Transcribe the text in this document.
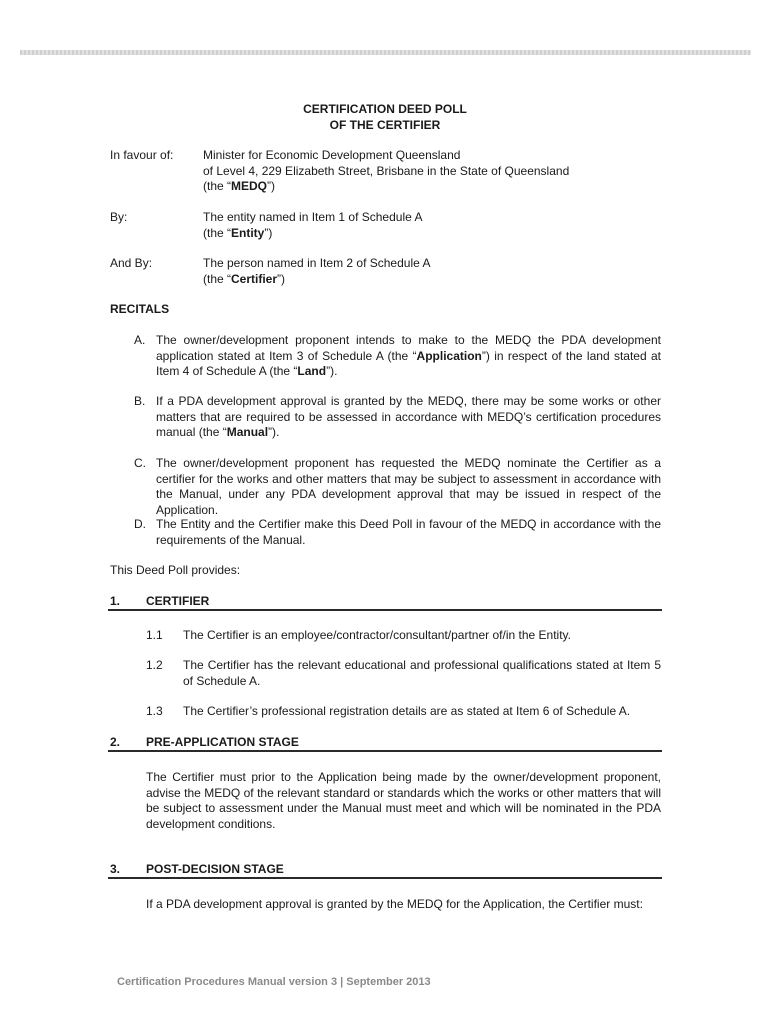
CERTIFICATION DEED POLL
OF THE CERTIFIER
In favour of: Minister for Economic Development Queensland
of Level 4, 229 Elizabeth Street, Brisbane in the State of Queensland
(the “MEDQ”)
By:	The entity named in Item 1 of Schedule A
(the “Entity”)
And By:	The person named in Item 2 of Schedule A
(the “Certifier”)
RECITALS
A. The owner/development proponent intends to make to the MEDQ the PDA development application stated at Item 3 of Schedule A (the “Application”) in respect of the land stated at Item 4 of Schedule A (the “Land”).
B. If a PDA development approval is granted by the MEDQ, there may be some works or other matters that are required to be assessed in accordance with MEDQ’s certification procedures manual (the “Manual”).
C. The owner/development proponent has requested the MEDQ nominate the Certifier as a certifier for the works and other matters that may be subject to assessment in accordance with the Manual, under any PDA development approval that may be issued in respect of the Application.
D. The Entity and the Certifier make this Deed Poll in favour of the MEDQ in accordance with the requirements of the Manual.
This Deed Poll provides:
1. CERTIFIER
1.1 The Certifier is an employee/contractor/consultant/partner of/in the Entity.
1.2 The Certifier has the relevant educational and professional qualifications stated at Item 5 of Schedule A.
1.3 The Certifier’s professional registration details are as stated at Item 6 of Schedule A.
2. PRE-APPLICATION STAGE
The Certifier must prior to the Application being made by the owner/development proponent, advise the MEDQ of the relevant standard or standards which the works or other matters that will be subject to assessment under the Manual must meet and which will be nominated in the PDA development conditions.
3. POST-DECISION STAGE
If a PDA development approval is granted by the MEDQ for the Application, the Certifier must:
Certification Procedures Manual version 3 | September 2013
